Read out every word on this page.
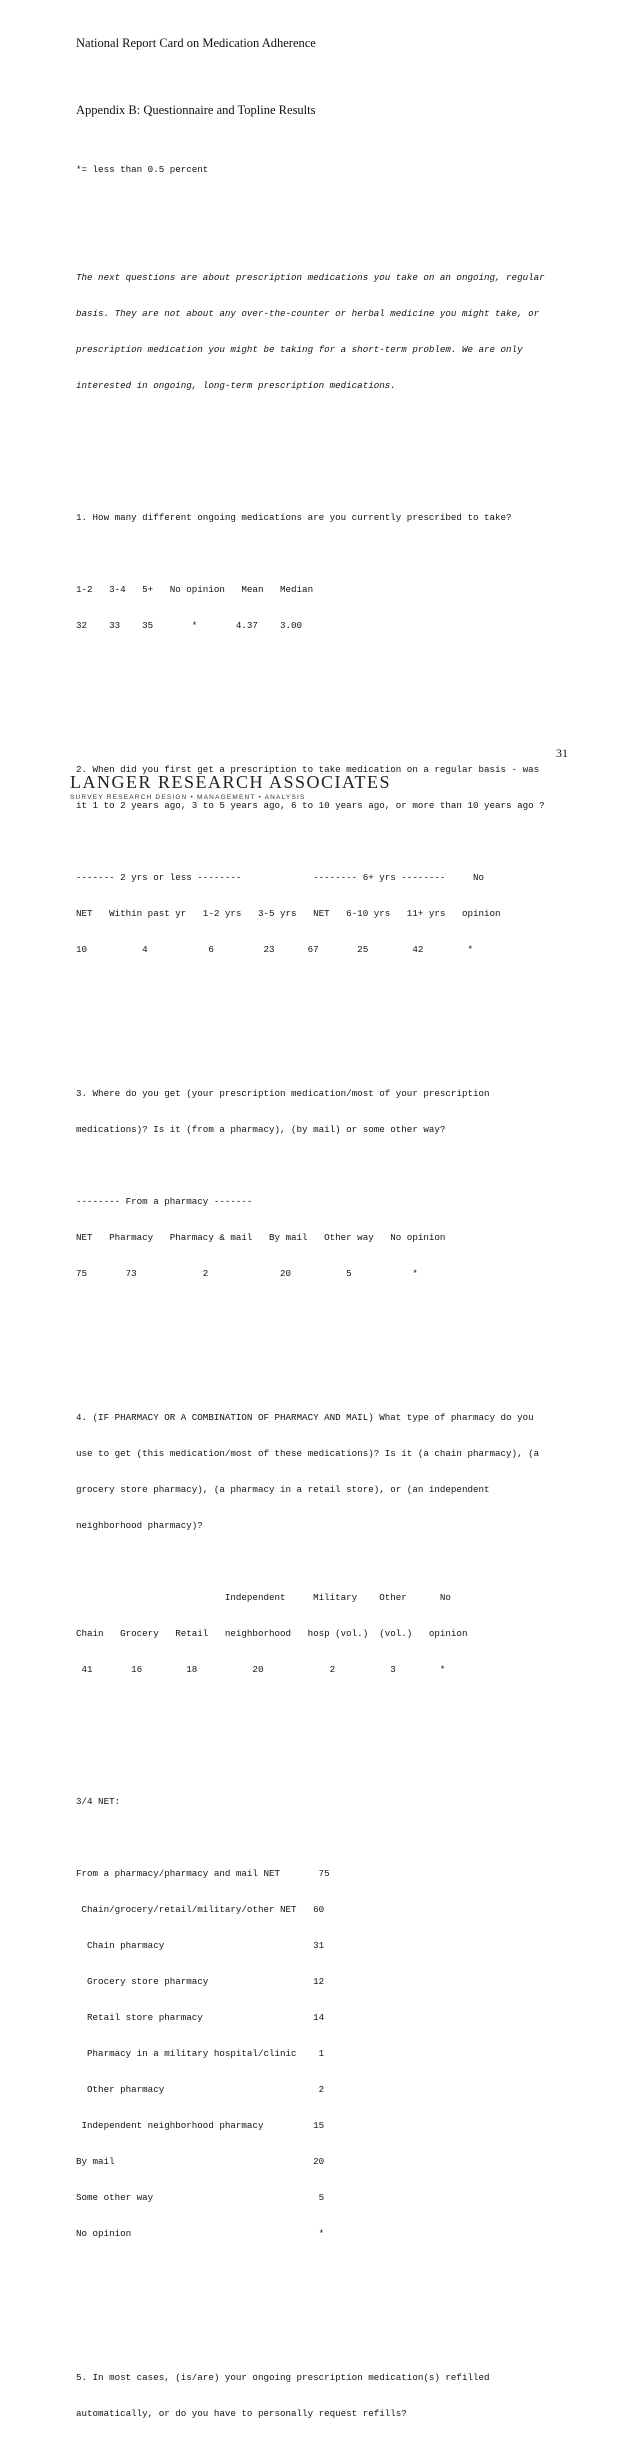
National Report Card on Medication Adherence
Appendix B: Questionnaire and Topline Results

*= less than 0.5 percent

The next questions are about prescription medications you take on an ongoing, regular

basis. They are not about any over-the-counter or herbal medicine you might take, or

prescription medication you might be taking for a short-term problem. We are only

interested in ongoing, long-term prescription medications.

1. How many different ongoing medications are you currently prescribed to take?

1-2   3-4   5+   No opinion   Mean   Median

32    33    35       *       4.37    3.00

2. When did you first get a prescription to take medication on a regular basis - was

it 1 to 2 years ago, 3 to 5 years ago, 6 to 10 years ago, or more than 10 years ago ?

------- 2 yrs or less --------             -------- 6+ yrs --------     No

NET   Within past yr   1-2 yrs   3-5 yrs   NET   6-10 yrs   11+ yrs   opinion

10          4           6         23      67       25        42        *

3. Where do you get (your prescription medication/most of your prescription

medications)? Is it (from a pharmacy), (by mail) or some other way?

-------- From a pharmacy -------

NET   Pharmacy   Pharmacy & mail   By mail   Other way   No opinion

75       73            2             20          5           *

4. (IF PHARMACY OR A COMBINATION OF PHARMACY AND MAIL) What type of pharmacy do you

use to get (this medication/most of these medications)? Is it (a chain pharmacy), (a

grocery store pharmacy), (a pharmacy in a retail store), or (an independent

neighborhood pharmacy)?

Independent     Military    Other      No

Chain   Grocery   Retail   neighborhood   hosp (vol.)  (vol.)   opinion

41       16        18          20            2          3        *

3/4 NET:

From a pharmacy/pharmacy and mail NET       75

Chain/grocery/retail/military/other NET   60

Chain pharmacy                           31

Grocery store pharmacy                   12

Retail store pharmacy                    14

Pharmacy in a military hospital/clinic    1

Other pharmacy                            2

Independent neighborhood pharmacy         15

By mail                                    20

Some other way                              5

No opinion                                  *

5. In most cases, (is/are) your ongoing prescription medication(s) refilled

automatically, or do you have to personally request refills?

31
LANGER RESEARCH ASSOCIATES
SURVEY RESEARCH DESIGN • MANAGEMENT • ANALYSIS
